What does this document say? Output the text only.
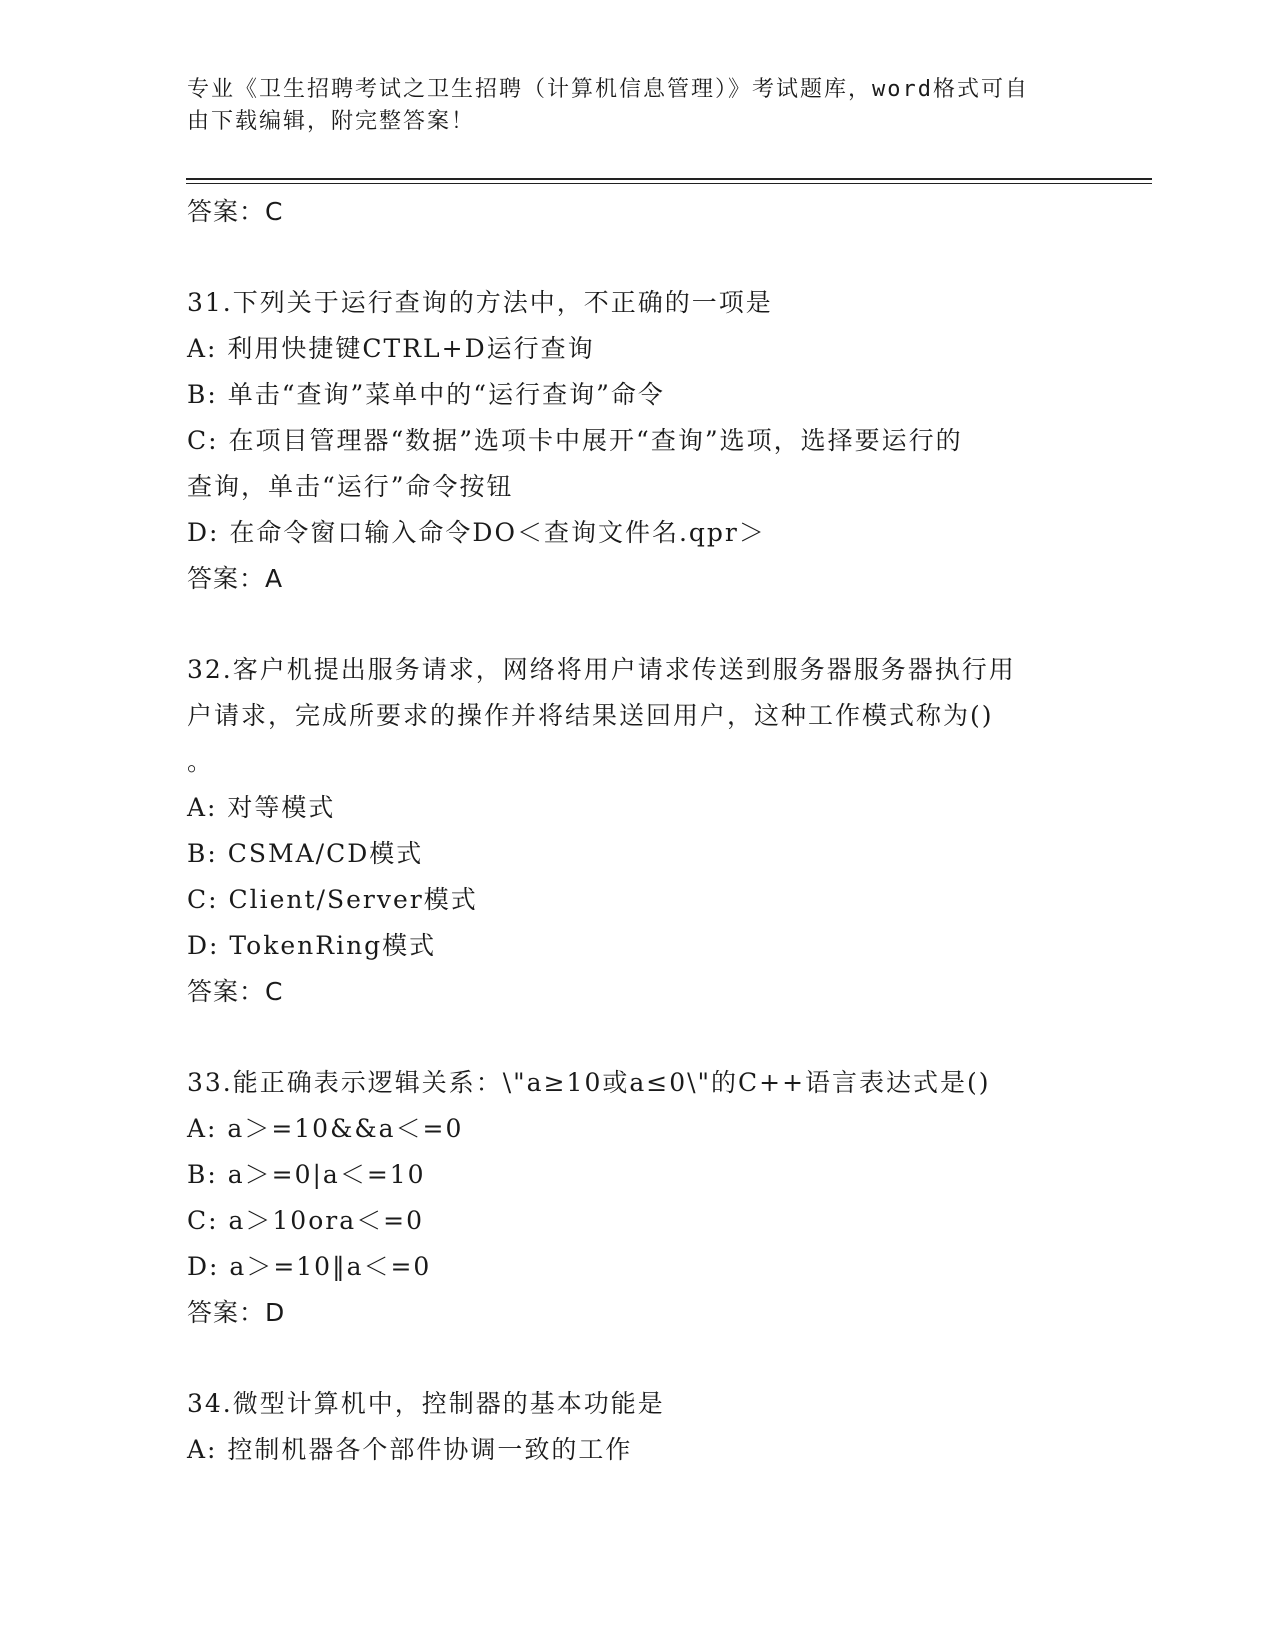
专业《卫生招聘考试之卫生招聘（计算机信息管理）》考试题库，word格式可自
由下载编辑，附完整答案！
答案：C
31.下列关于运行查询的方法中，不正确的一项是
A: 利用快捷键CTRL+D运行查询
B: 单击“查询”菜单中的“运行查询”命令
C: 在项目管理器“数据”选项卡中展开“查询”选项，选择要运行的
查询，单击“运行”命令按钮
D: 在命令窗口输入命令DO＜查询文件名.qpr＞
答案：A
32.客户机提出服务请求，网络将用户请求传送到服务器服务器执行用
户请求，完成所要求的操作并将结果送回用户，这种工作模式称为()
。
A: 对等模式
B: CSMA/CD模式
C: Client/Server模式
D: TokenRing模式
答案：C
33.能正确表示逻辑关系：\"a≥10或a≤0\"的C++语言表达式是()
A: a＞=10&&a＜=0
B: a＞=0|a＜=10
C: a＞10ora＜=0
D: a＞=10‖a＜=0
答案：D
34.微型计算机中，控制器的基本功能是
A: 控制机器各个部件协调一致的工作
